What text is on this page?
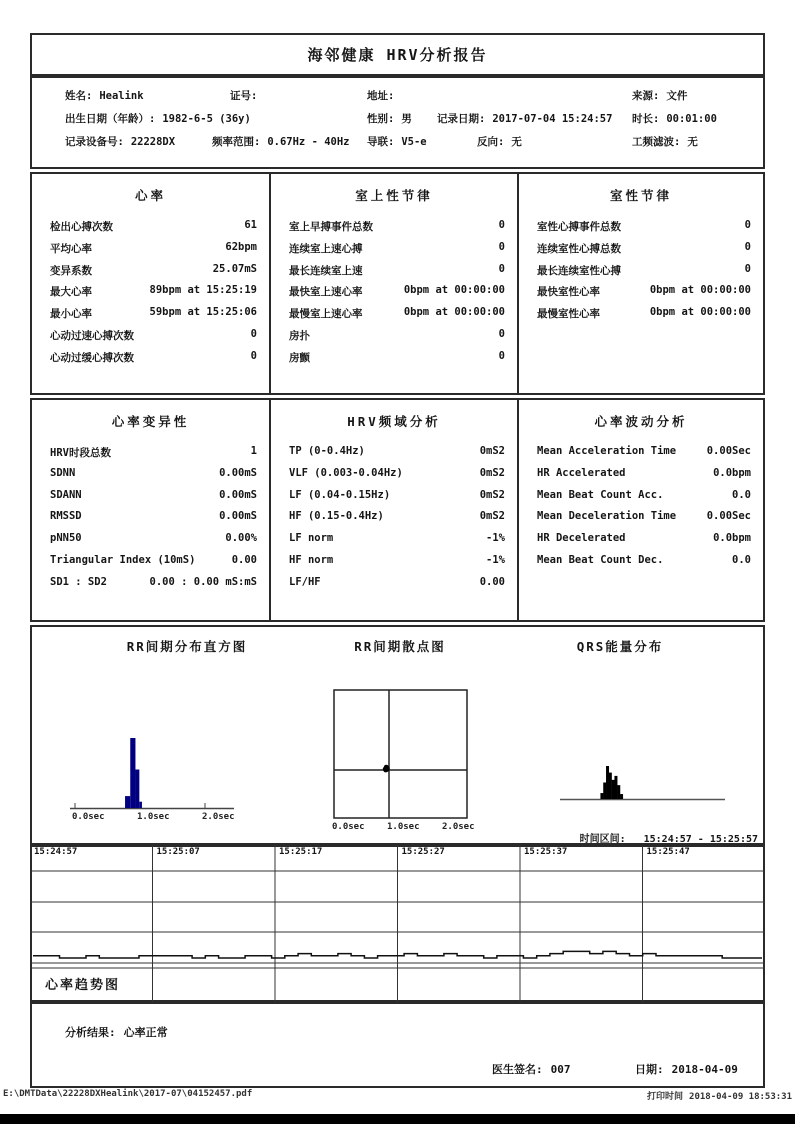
海邻健康 HRV分析报告
姓名: Healink	证号:	地址:	来源: 文件
出生日期（年龄）: 1982-6-5 (36y)	性别: 男 记录日期: 2017-07-04 15:24:57 时长: 00:01:00
记录设备号: 22228DX	频率范围: 0.67Hz - 40Hz 导联: V5-e	反向: 无	工频滤波: 无
心率
检出心搏次数	61
平均心率	62bpm
变异系数	25.07mS
最大心率	89bpm at 15:25:19
最小心率	59bpm at 15:25:06
心动过速心搏次数	0
心动过缓心搏次数	0
室上性节律
室上早搏事件总数	0
连续室上速心搏	0
最长连续室上速	0
最快室上速心率	0bpm at 00:00:00
最慢室上速心率	0bpm at 00:00:00
房扑	0
房颤	0
室性节律
室性心搏事件总数	0
连续室性心搏总数	0
最长连续室性心搏	0
最快室性心率	0bpm at 00:00:00
最慢室性心率	0bpm at 00:00:00
心率变异性
HRV时段总数	1
SDNN	0.00mS
SDANN	0.00mS
RMSSD	0.00mS
pNN50	0.00%
Triangular Index (10mS)	0.00
SD1 : SD2	0.00 : 0.00 mS:mS
HRV频域分析
TP (0-0.4Hz)	0mS2
VLF (0.003-0.04Hz)	0mS2
LF (0.04-0.15Hz)	0mS2
HF (0.15-0.4Hz)	0mS2
LF norm	-1%
HF norm	-1%
LF/HF	0.00
心率波动分析
Mean Acceleration Time	0.00Sec
HR Accelerated	0.0bpm
Mean Beat Count Acc.	0.0
Mean Deceleration Time	0.00Sec
HR Decelerated	0.0bpm
Mean Beat Count Dec.	0.0
RR间期分布直方图	RR间期散点图	QRS能量分布
0.0sec	1.0sec	2.0sec
0.0sec 1.0sec 2.0sec
时间区间: 15:24:57 - 15:25:57
15:24:57	15:25:07	15:25:17	15:25:27	15:25:37	15:25:47
心率趋势图
分析结果: 心率正常
医生签名: 007	日期: 2018-04-09
E:\DMTData\22228DXHealink\2017-07\04152457.pdf	打印时间 2018-04-09 18:53:31
